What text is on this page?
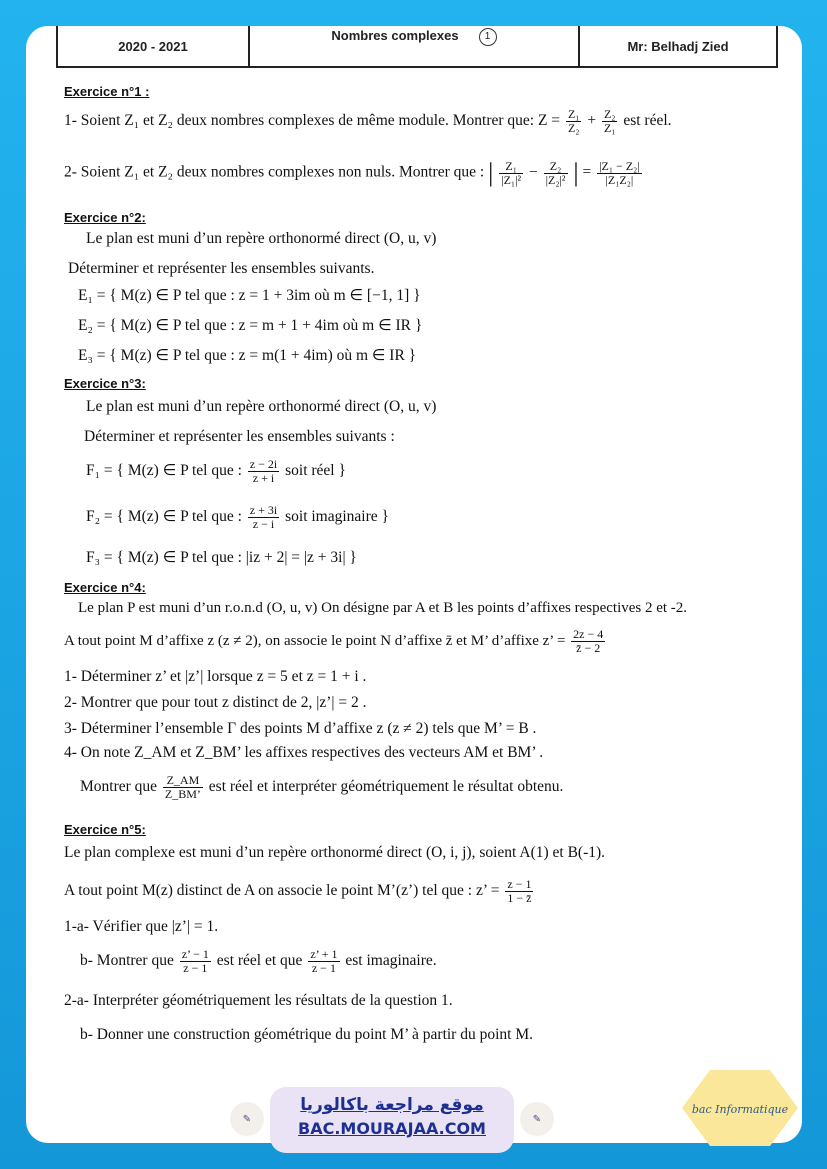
2020 - 2021
Nombres complexes	1
Mr: Belhadj Zied
Exercice n°1 :
1- Soient Z₁ et Z₂ deux nombres complexes de même module. Montrer que: $Z = \frac{\text{Z₁}}{\text{Z₂}} + \frac{\text{Z₂}}{\text{Z₁}}$ est réel.
2- Soient Z₁ et Z₂ deux nombres complexes non nuls. Montrer que : | $\frac{\text{Z₁}}{\text{|Z₁|²}} - \frac{\text{Z₂}}{\text{|Z₂|²}}$ | = $\frac{\text{|Z₁ − Z₂|}}{\text{|Z₁Z₂|}}$
Exercice n°2:
Le plan est muni d’un repère orthonormé direct (O, u, v)
Déterminer et représenter les ensembles suivants.
E₁ = { M(z) ∈ P tel que : z = 1 + 3im où m ∈ [−1, 1] }
E₂ = { M(z) ∈ P tel que : z = m + 1 + 4im où m ∈ IR }
E₃ = { M(z) ∈ P tel que : z = m(1 + 4im) où m ∈ IR }
Exercice n°3:
Le plan est muni d’un repère orthonormé direct (O, u, v)
Déterminer et représenter les ensembles suivants :
F₁ = { M(z) ∈ P tel que : $\frac{z - 2i}{z + i}$ soit réel }
F₂ = { M(z) ∈ P tel que : $\frac{z + 3i}{z - i}$ soit imaginaire }
F₃ = { M(z) ∈ P tel que : |iz + 2| = |z + 3i| }
Exercice n°4:
Le plan P est muni d’un r.o.n.d (O, u, v) On désigne par A et B les points d’affixes respectives 2 et -2.
A tout point M d’affixe z (z ≠ 2), on associe le point N d’affixe z̄ et M’ d’affixe z’ = $\frac{2z - 4}{z̄ - 2}$
1- Déterminer z’ et |z’| lorsque z = 5 et z = 1 + i .
2- Montrer que pour tout z distinct de 2, |z’| = 2 .
3- Déterminer l’ensemble Γ des points M d’affixe z (z ≠ 2) tels que M’ = B .
4- On note Z_AM et Z_BM’ les affixes respectives des vecteurs AM et BM’ .
Montrer que $\frac{Z\_AM}{Z\_BM’}$ est réel et interpréter géométriquement le résultat obtenu.
Exercice n°5:
Le plan complexe est muni d’un repère orthonormé direct (O, i, j), soient A(1) et B(-1).
A tout point M(z) distinct de A on associe le point M’(z’) tel que : z’ = $\frac{z - 1}{1 - z̄}$
1-a- Vérifier que |z’| = 1.
b- Montrer que $\frac{z’ - 1}{z - 1}$ est réel et que $\frac{z’ + 1}{z - 1}$ est imaginaire.
2-a- Interpréter géométriquement les résultats de la question 1.
b- Donner une construction géométrique du point M’ à partir du point M.
✎
موقع مراجعة باكالوريا
BAC.MOURAJAA.COM	✎
bac Informatique
